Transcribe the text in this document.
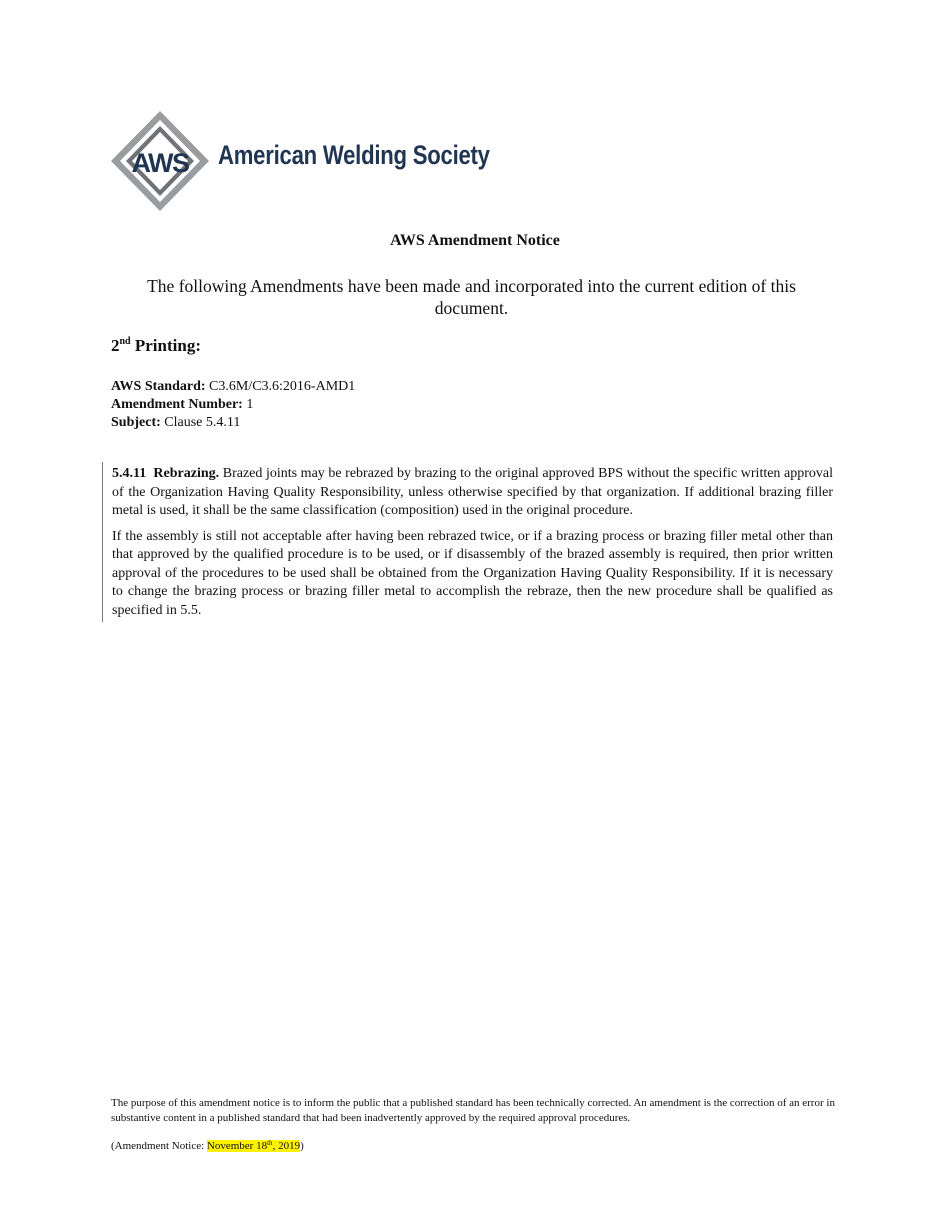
AWS American Welding Society
AWS Amendment Notice
The following Amendments have been made and incorporated into the current edition of this document.
2nd Printing:
AWS Standard: C3.6M/C3.6:2016-AMD1
Amendment Number: 1
Subject: Clause 5.4.11

5.4.11 Rebrazing. Brazed joints may be rebrazed by brazing to the original approved BPS without the specific written approval of the Organization Having Quality Responsibility, unless otherwise specified by that organization. If additional brazing filler metal is used, it shall be the same classification (composition) used in the original procedure.

If the assembly is still not acceptable after having been rebrazed twice, or if a brazing process or brazing filler metal other than that approved by the qualified procedure is to be used, or if disassembly of the brazed assembly is required, then prior written approval of the procedures to be used shall be obtained from the Organization Having Quality Responsibility. If it is necessary to change the brazing process or brazing filler metal to accomplish the rebraze, then the new procedure shall be qualified as specified in 5.5.

The purpose of this amendment notice is to inform the public that a published standard has been technically corrected. An amendment is the correction of an error in substantive content in a published standard that had been inadvertently approved by the required approval procedures.
(Amendment Notice: November 18th, 2019)
